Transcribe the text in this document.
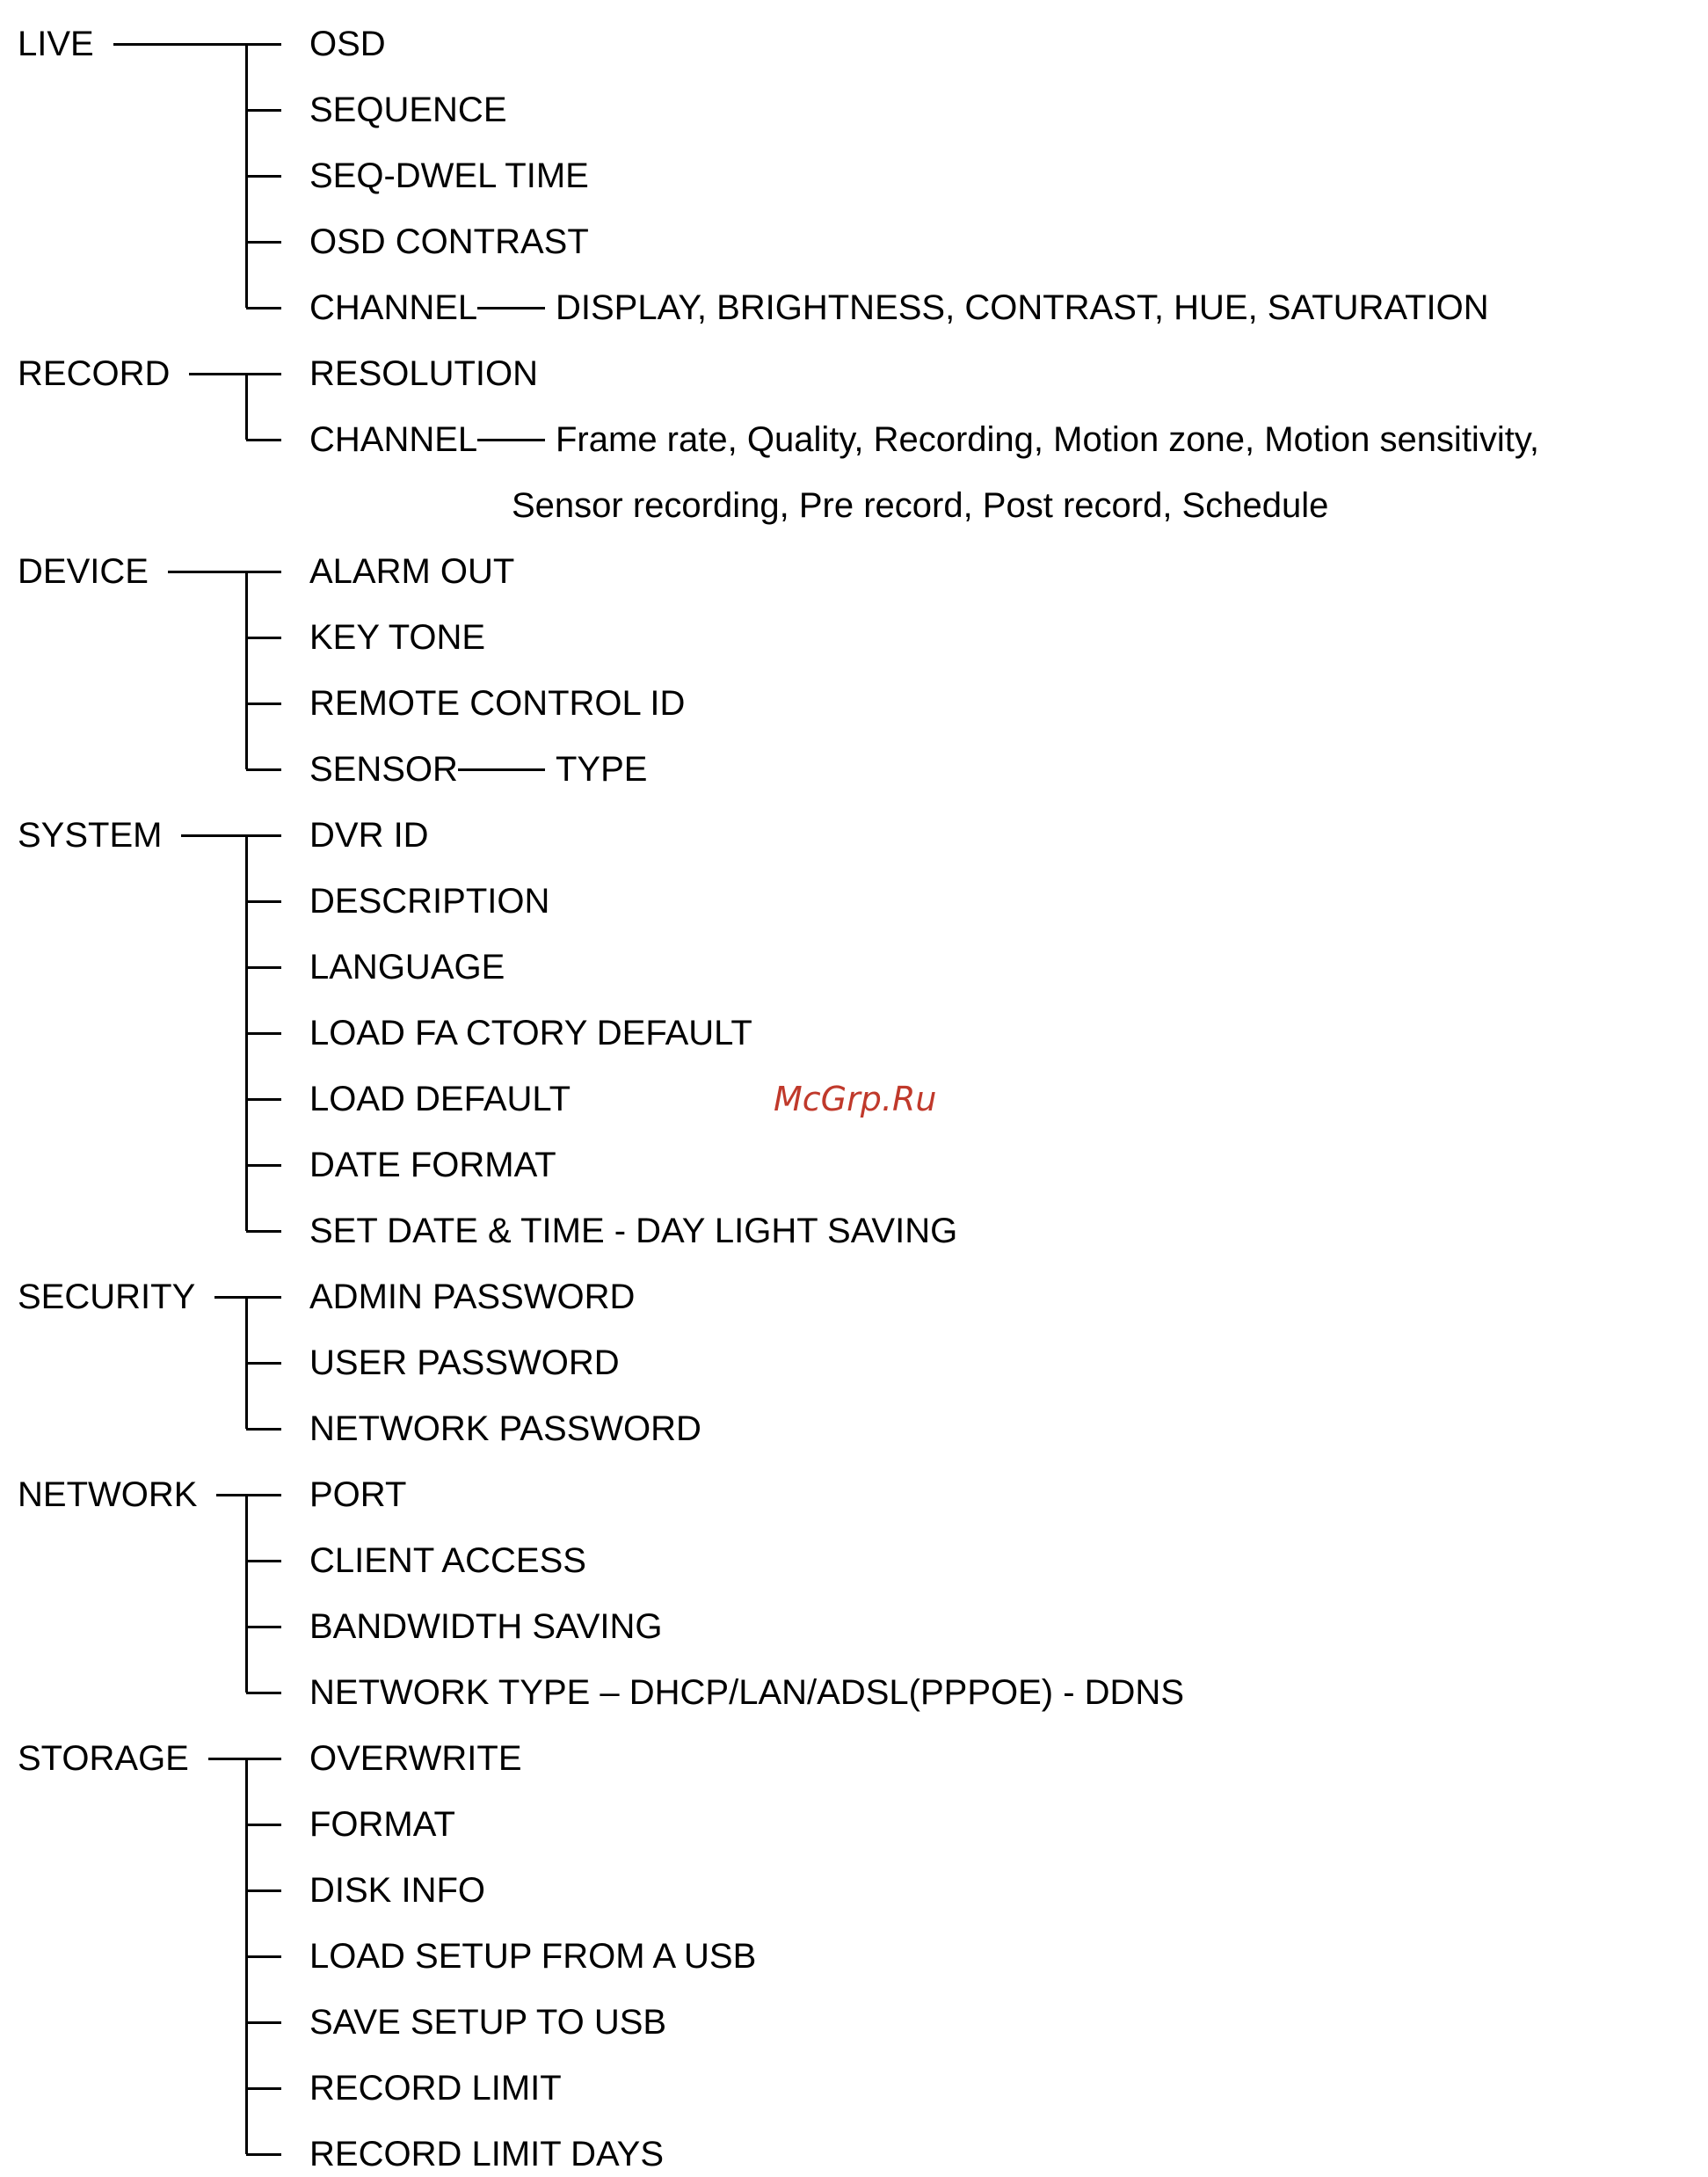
McGrp.Ru
LIVE	OSD
SEQUENCE
SEQ-DWEL TIME
OSD CONTRAST
CHANNEL DISPLAY, BRIGHTNESS, CONTRAST, HUE, SATURATION
RECORD	RESOLUTION
CHANNEL Frame rate, Quality, Recording, Motion zone, Motion sensitivity,
Sensor recording, Pre record, Post record, Schedule
DEVICE	ALARM OUT
KEY TONE
REMOTE CONTROL ID
SENSOR	TYPE
SYSTEM	DVR ID
DESCRIPTION
LANGUAGE
LOAD FA CTORY DEFAULT
LOAD DEFAULT
DATE FORMAT
SET DATE & TIME - DAY LIGHT SAVING
SECURITY	ADMIN PASSWORD
USER PASSWORD
NETWORK PASSWORD
NETWORK	PORT
CLIENT ACCESS
BANDWIDTH SAVING
NETWORK TYPE – DHCP/LAN/ADSL(PPPOE) - DDNS
STORAGE	OVERWRITE
FORMAT
DISK INFO
LOAD SETUP FROM A USB
SAVE SETUP TO USB
RECORD LIMIT
RECORD LIMIT DAYS
